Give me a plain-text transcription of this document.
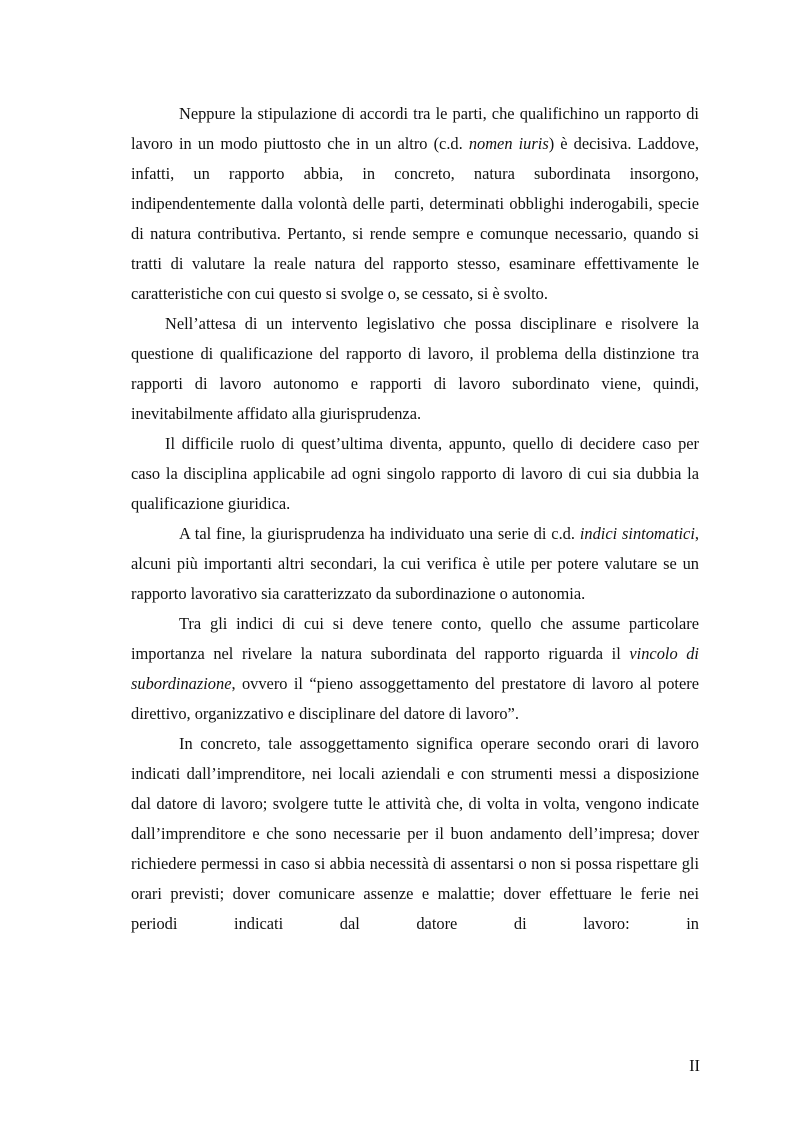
Neppure la stipulazione di accordi tra le parti, che qualifichino un rapporto di lavoro in un modo piuttosto che in un altro (c.d. nomen iuris) è decisiva. Laddove, infatti, un rapporto abbia, in concreto, natura subordinata insorgono, indipendentemente dalla volontà delle parti, determinati obblighi inderogabili, specie di natura contributiva. Pertanto, si rende sempre e comunque necessario, quando si tratti di valutare la reale natura del rapporto stesso, esaminare effettivamente le caratteristiche con cui questo si svolge o, se cessato, si è svolto.

Nell’attesa di un intervento legislativo che possa disciplinare e risolvere la questione di qualificazione del rapporto di lavoro, il problema della distinzione tra rapporti di lavoro autonomo e rapporti di lavoro subordinato viene, quindi, inevitabilmente affidato alla giurisprudenza.

Il difficile ruolo di quest’ultima diventa, appunto, quello di decidere caso per caso la disciplina applicabile ad ogni singolo rapporto di lavoro di cui sia dubbia la qualificazione giuridica.

A tal fine, la giurisprudenza ha individuato una serie di c.d. indici sintomatici, alcuni più importanti altri secondari, la cui verifica è utile per potere valutare se un rapporto lavorativo sia caratterizzato da subordinazione o autonomia.

Tra gli indici di cui si deve tenere conto, quello che assume particolare importanza nel rivelare la natura subordinata del rapporto riguarda il vincolo di subordinazione, ovvero il “pieno assoggettamento del prestatore di lavoro al potere direttivo, organizzativo e disciplinare del datore di lavoro”.

In concreto, tale assoggettamento significa operare secondo orari di lavoro indicati dall’imprenditore, nei locali aziendali e con strumenti messi a disposizione dal datore di lavoro; svolgere tutte le attività che, di volta in volta, vengono indicate dall’imprenditore e che sono necessarie per il buon andamento dell’impresa; dover richiedere permessi in caso si abbia necessità di assentarsi o non si possa rispettare gli orari previsti; dover comunicare assenze e malattie; dover effettuare le ferie nei periodi indicati dal datore di lavoro: in

II
